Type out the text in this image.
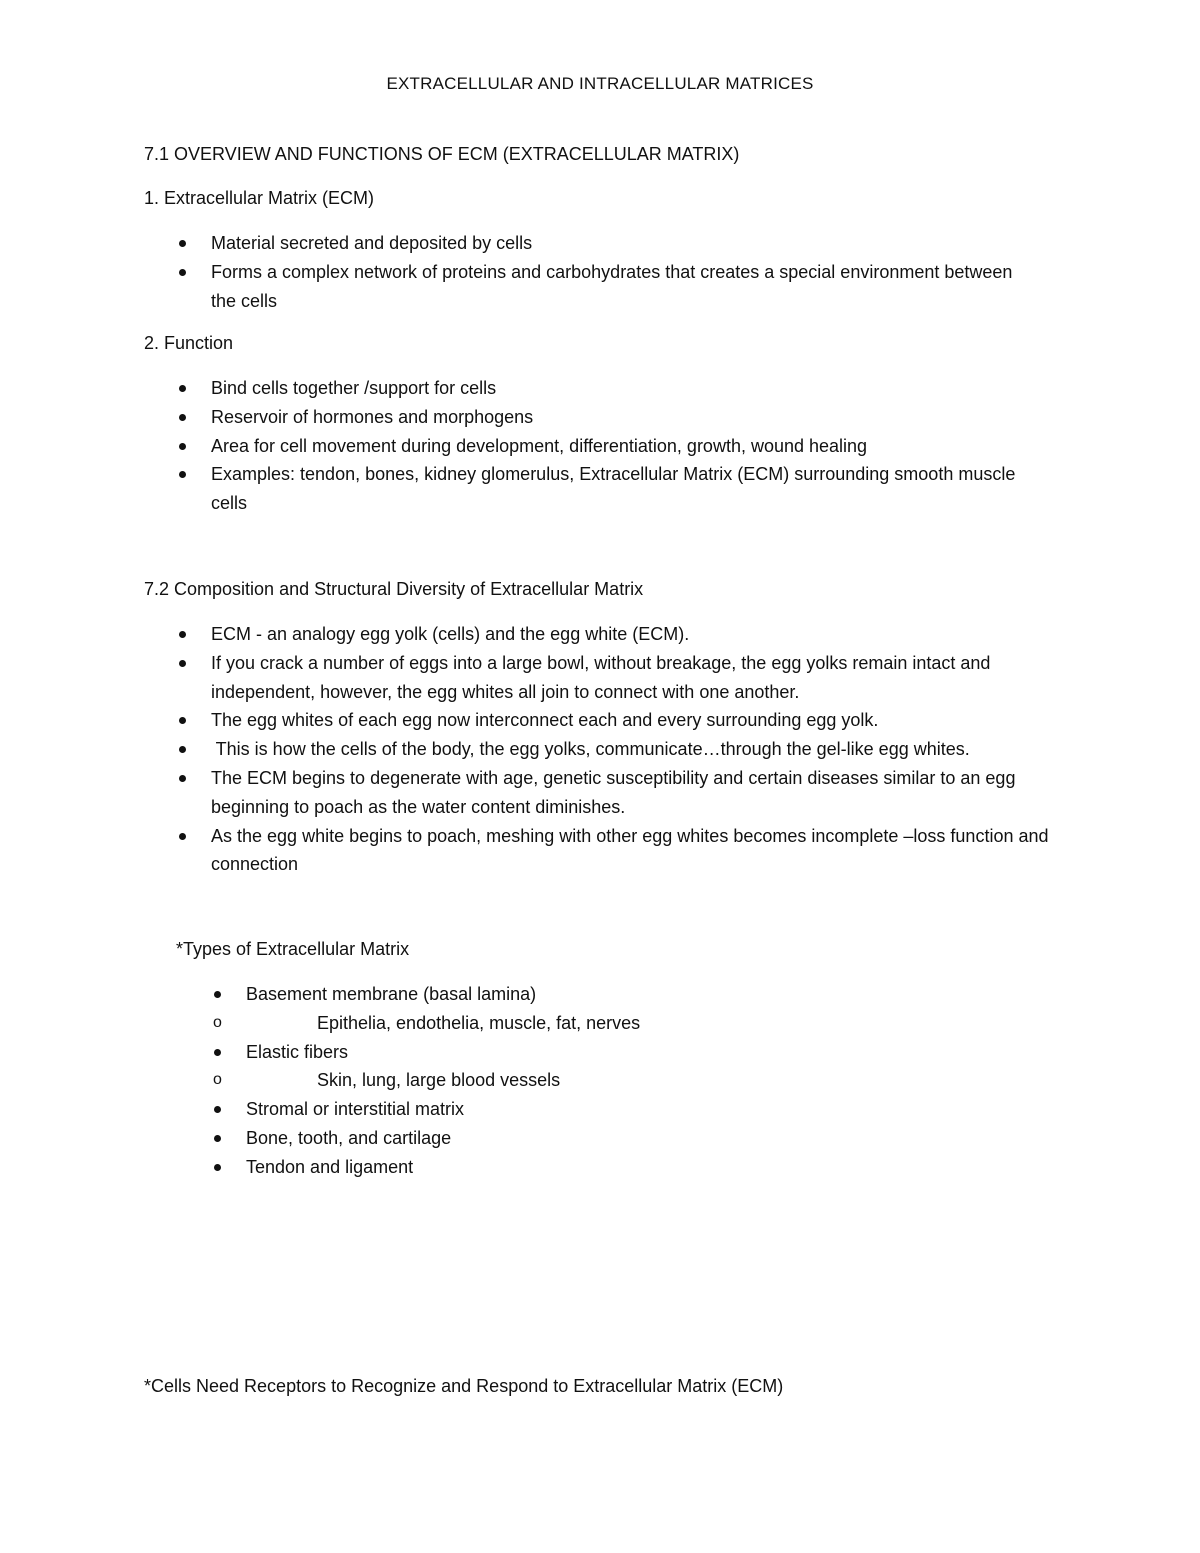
EXTRACELLULAR AND INTRACELLULAR MATRICES
7.1 OVERVIEW AND FUNCTIONS OF ECM (EXTRACELLULAR MATRIX)
1. Extracellular Matrix (ECM)
Material secreted and deposited by cells
Forms a complex network of proteins and carbohydrates that creates a special environment between the cells
2. Function
Bind cells together /support for cells
Reservoir of hormones and morphogens
Area for cell movement during development, differentiation, growth, wound healing
Examples: tendon, bones, kidney glomerulus, Extracellular Matrix (ECM) surrounding smooth muscle cells
7.2 Composition and Structural Diversity of Extracellular Matrix
ECM - an analogy egg yolk (cells) and the egg white (ECM).
If you crack a number of eggs into a large bowl, without breakage, the egg yolks remain intact and independent, however, the egg whites all join to connect with one another.
The egg whites of each egg now interconnect each and every surrounding egg yolk.
This is how the cells of the body, the egg yolks, communicate…through the gel-like egg whites.
The ECM begins to degenerate with age, genetic susceptibility and certain diseases similar to an egg beginning to poach as the water content diminishes.
As the egg white begins to poach, meshing with other egg whites becomes incomplete –loss function and connection
*Types of Extracellular Matrix
Basement membrane (basal lamina)
o	Epithelia, endothelia, muscle, fat, nerves
Elastic fibers
o	Skin, lung, large blood vessels
Stromal or interstitial matrix
Bone, tooth, and cartilage
Tendon and ligament
*Cells Need Receptors to Recognize and Respond to Extracellular Matrix (ECM)
